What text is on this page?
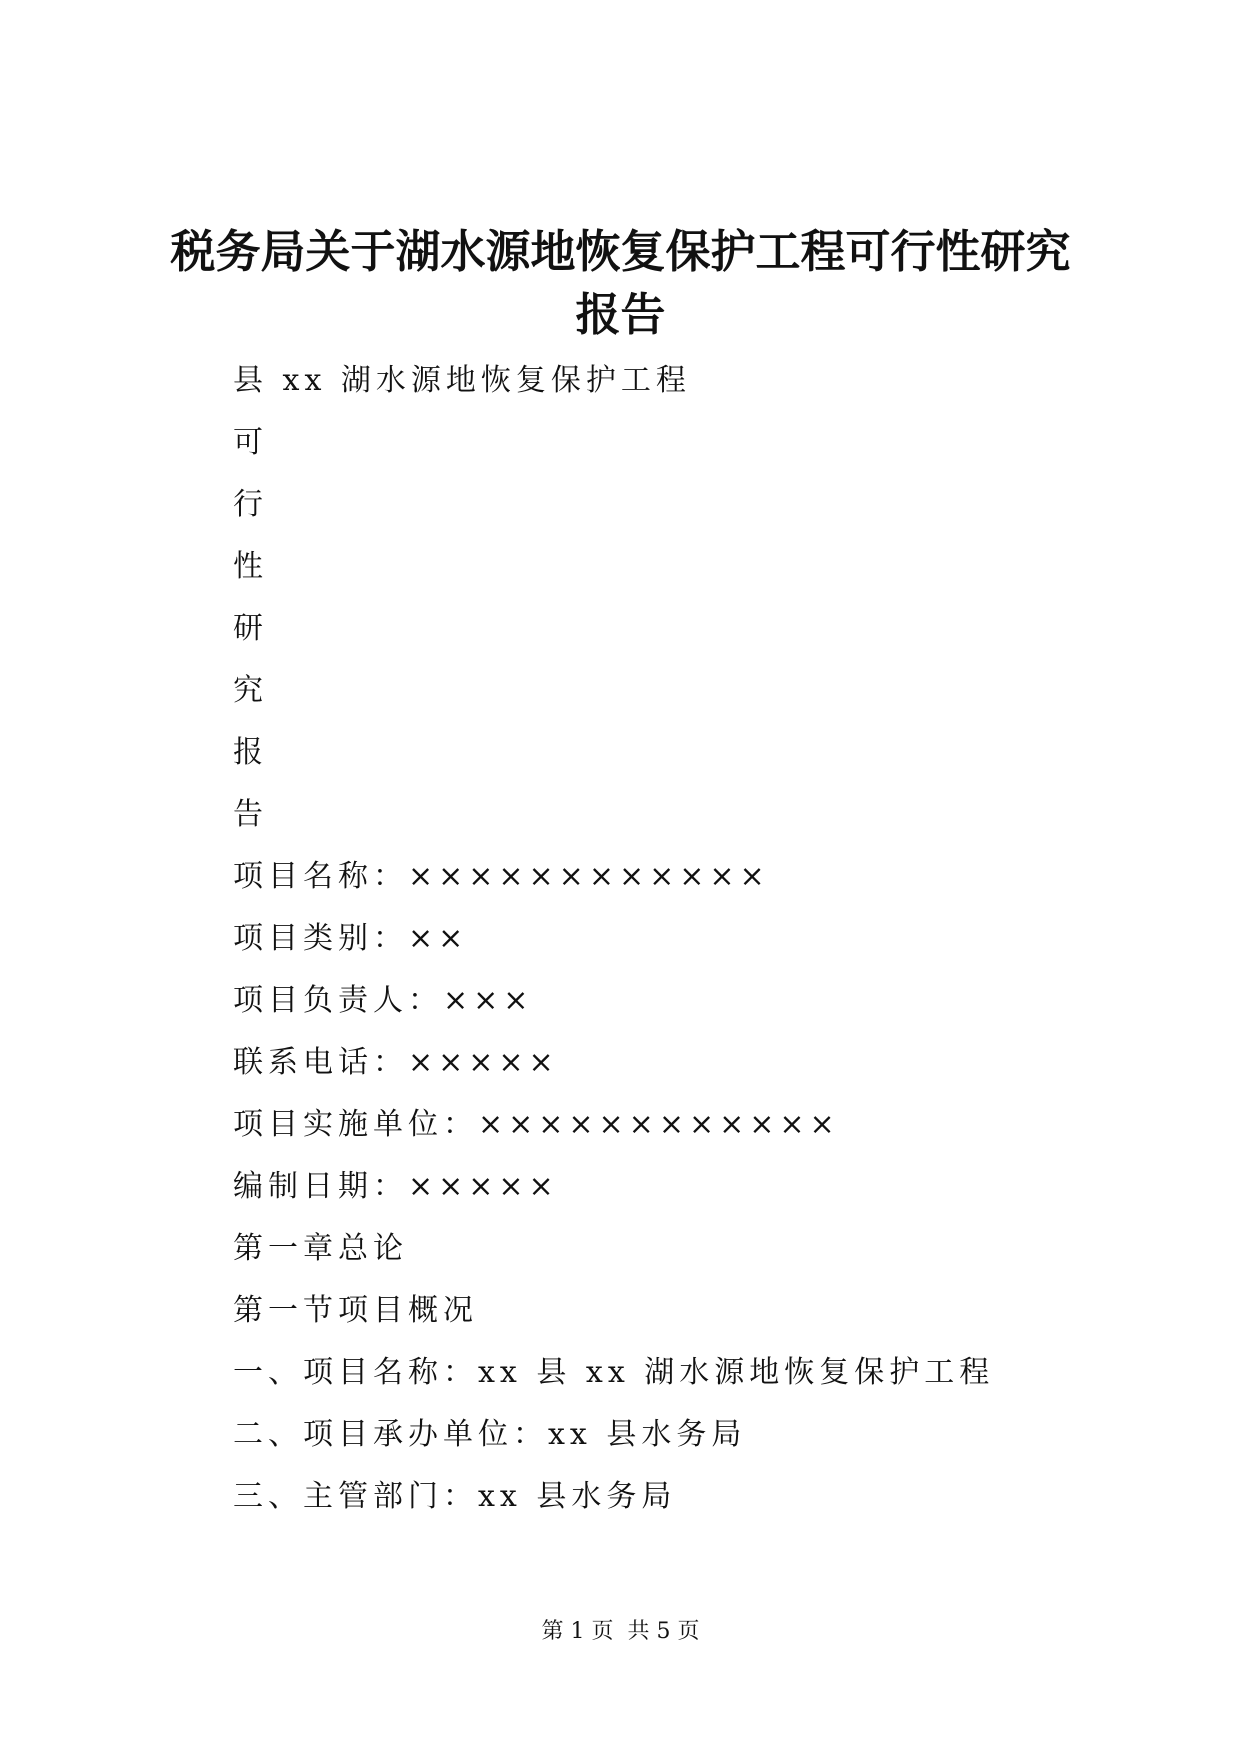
税务局关于湖水源地恢复保护工程可行性研究
报告
县 xx 湖水源地恢复保护工程
可
行
性
研
究
报
告
项目名称：××××××××××××
项目类别：××
项目负责人：×××
联系电话：×××××
项目实施单位：××××××××××××
编制日期：×××××
第一章总论
第一节项目概况
一、项目名称：xx 县 xx 湖水源地恢复保护工程
二、项目承办单位：xx 县水务局
三、主管部门：xx 县水务局
第 1 页 共 5 页
